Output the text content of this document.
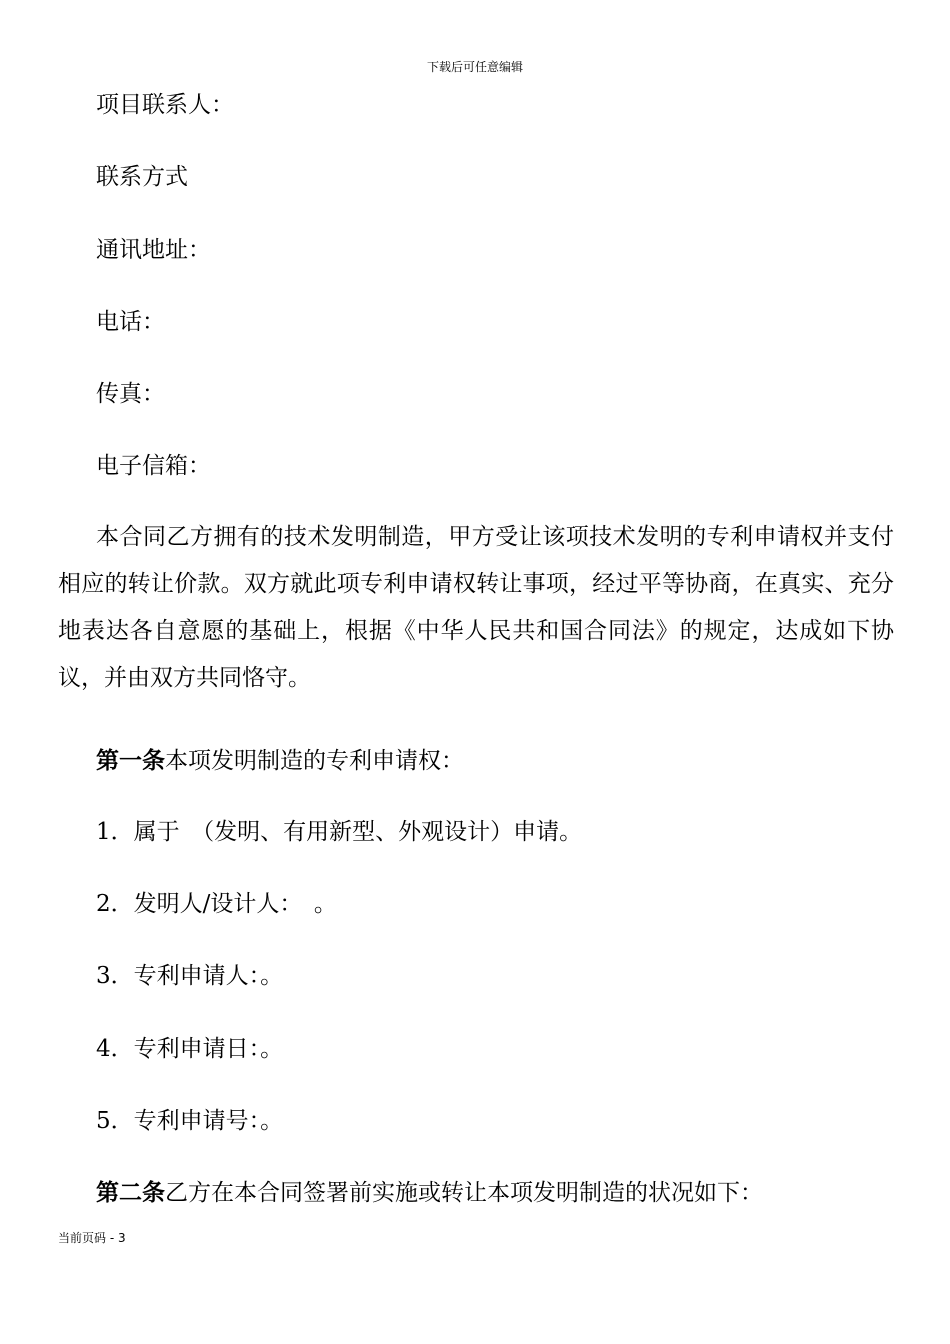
下载后可任意编辑
项目联系人：
联系方式
通讯地址：
电话：
传真：
电子信箱：
本合同乙方拥有的技术发明制造，甲方受让该项技术发明的专利申请权并支付相应的转让价款。双方就此项专利申请权转让事项，经过平等协商，在真实、充分地表达各自意愿的基础上，根据《中华人民共和国合同法》的规定，达成如下协议，并由双方共同恪守。
第一条本项发明制造的专利申请权：
1．属于　（发明、有用新型、外观设计）申请。
2．发明人/设计人：　。
3．专利申请人：。
4．专利申请日：。
5．专利申请号：。
第二条乙方在本合同签署前实施或转让本项发明制造的状况如下：
当前页码 - 3
